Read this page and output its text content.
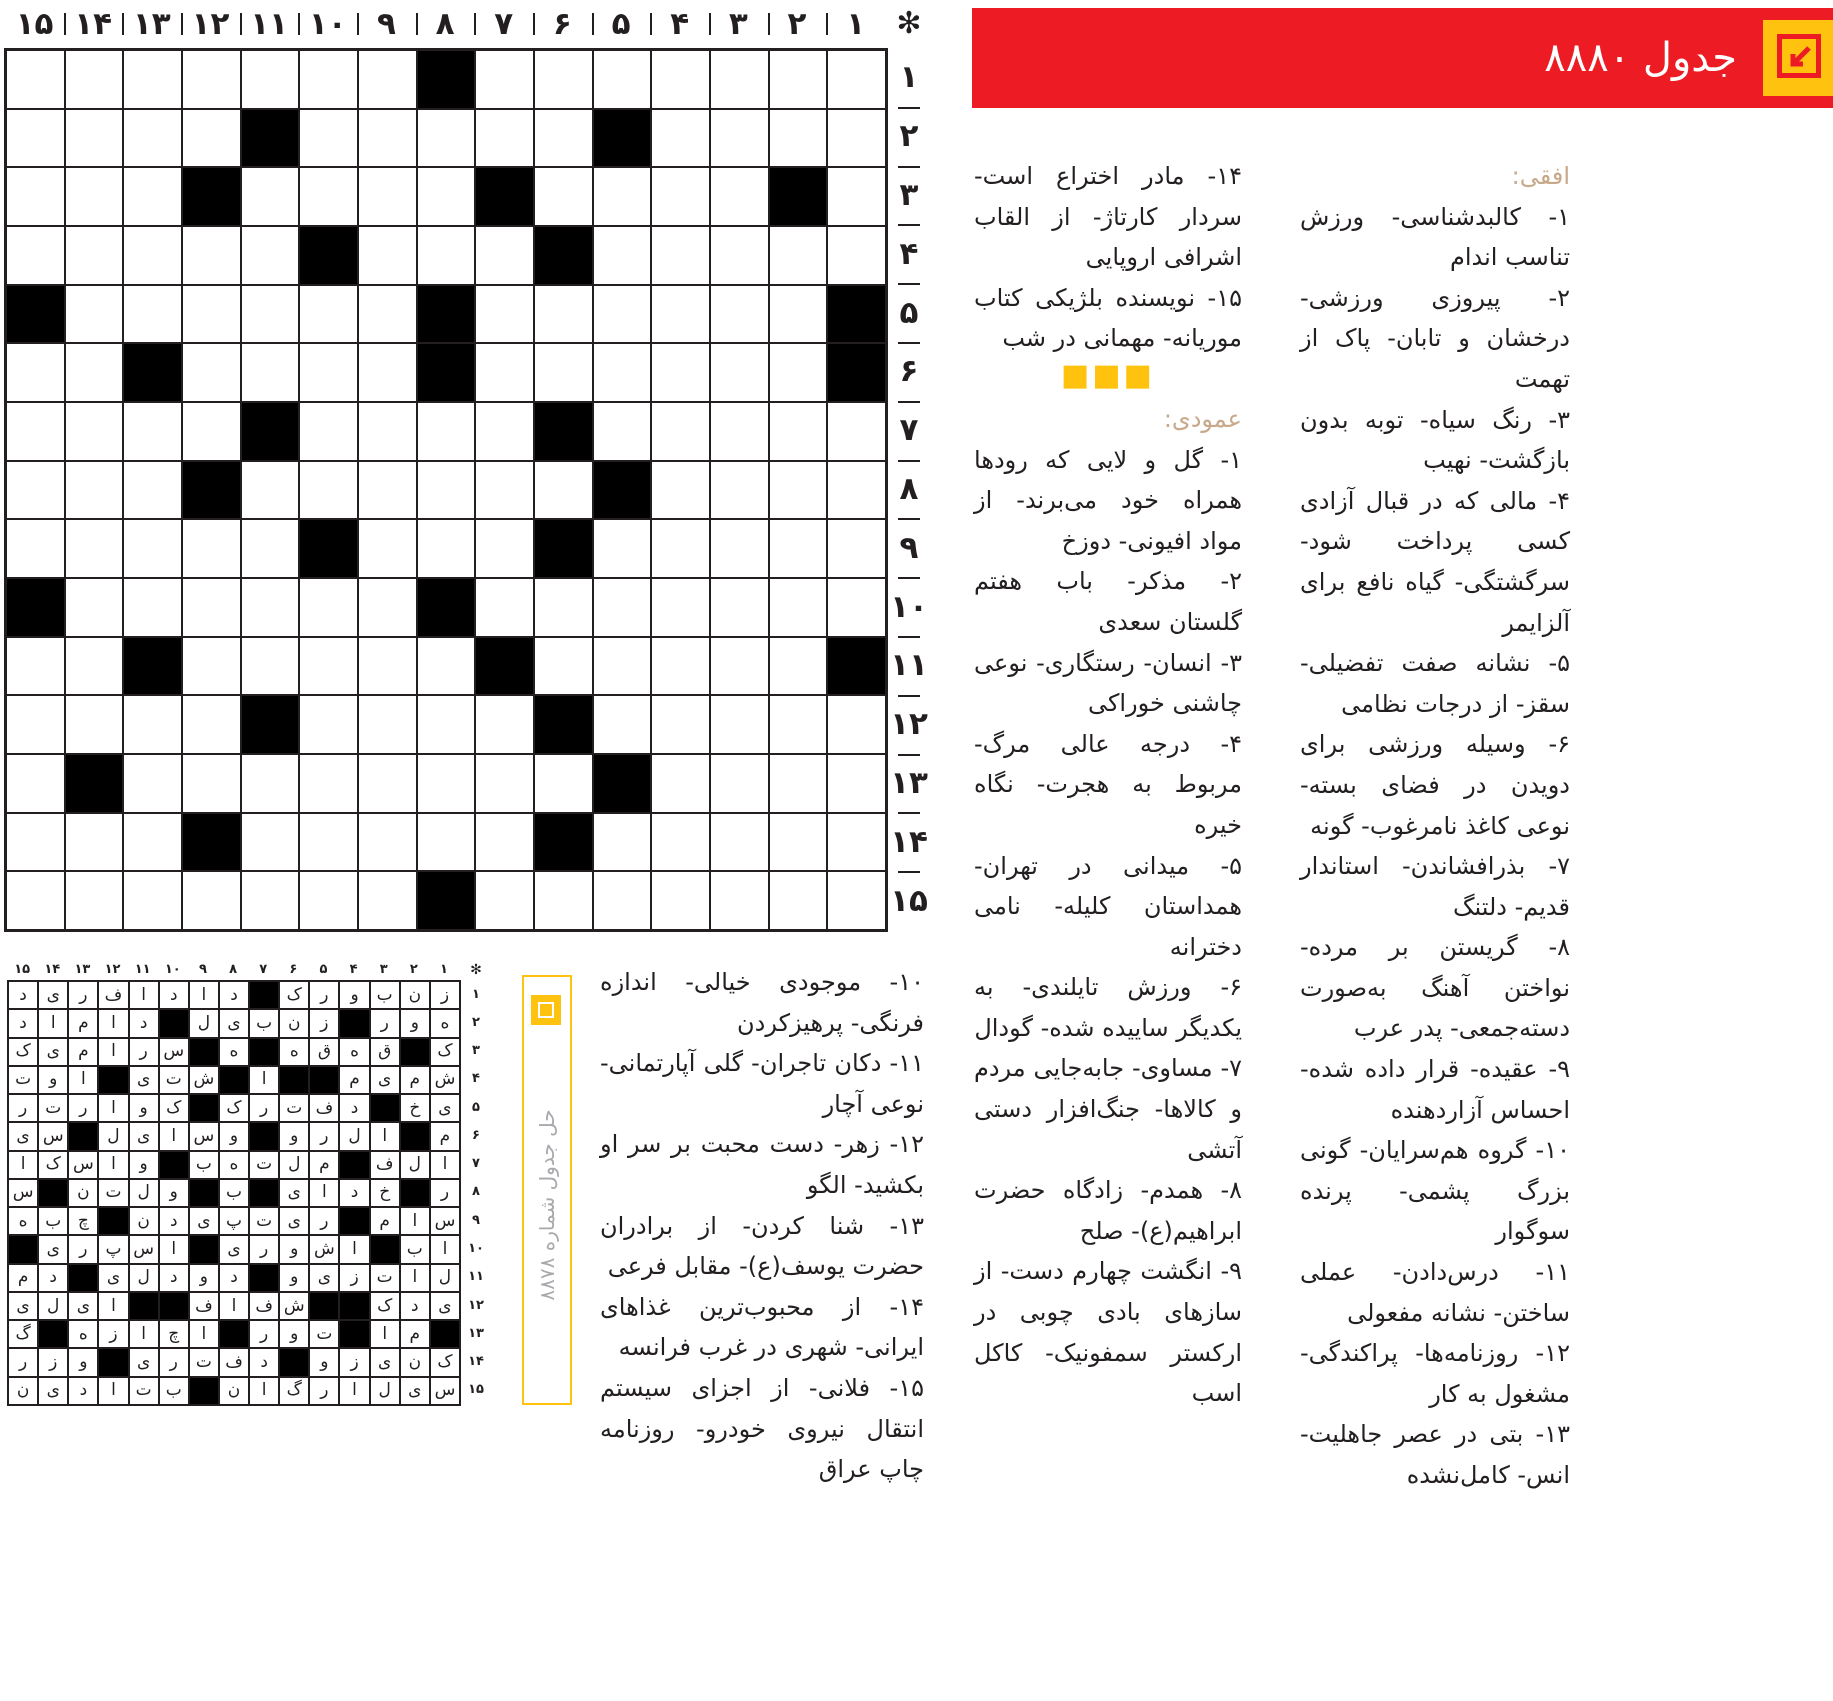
۱
۲
۳
۴
۵
۶
۷
۸
۹
۱۰
۱۱
۱۲
۱۳
۱۴
۱۵	✻
۱
۲
۳
۴
۵
۶
۷
۸
۹
۱۰
۱۱
۱۲
۱۳
۱۴
۱۵
جدول ۸۸۸۰

افقی:

۱- کالبدشناسی- ورزش تناسب اندام

۲- پیروزی ورزشی- درخشان و تابان- پاک از تهمت

۳- رنگ سیاه- توبه بدون بازگشت- نهیب

۴- مالی که در قبال آزادی کسی پرداخت شود- سرگشتگی- گیاه نافع برای آلزایمر

۵- نشانه صفت تفضیلی- سقز- از درجات نظامی

۶- وسیله ورزشی برای دویدن در فضای بسته- نوعی کاغذ نامرغوب- گونه

۷- بذرافشاندن- استاندار قدیم- دلتنگ

۸- گریستن بر مرده- نواختن آهنگ به‌صورت دسته‌جمعی- پدر عرب

۹- عقیده- قرار داده شده- احساس آزاردهنده

۱۰- گروه هم‌سرایان- گونی بزرگ پشمی- پرنده سوگوار

۱۱- درس‌دادن- عملی ساختن- نشانه مفعولی

۱۲- روزنامه‌ها- پراکندگی- مشغول به کار

۱۳- بتی در عصر جاهلیت- انس- کامل‌نشده

۱۴- مادر اختراع است- سردار کارتاژ- از القاب اشرافی اروپایی

۱۵- نویسنده بلژیکی کتاب موریانه- مهمانی در شب

■■■

عمودی:

۱- گل و لایی که رودها همراه خود می‌برند- از مواد افیونی- دوزخ

۲- مذکر- باب هفتم گلستان سعدی

۳- انسان- رستگاری- نوعی چاشنی خوراکی

۴- درجه عالی مرگ- مربوط به هجرت- نگاه خیره

۵- میدانی در تهران- همداستان کلیله- نامی دخترانه

۶- ورزش تایلندی- به یکدیگر ساییده شده- گودال

۷- مساوی- جابه‌جایی مردم و کالاها- جنگ‌افزار دستی آتشی

۸- همدم- زادگاه حضرت ابراهیم(ع)- صلح

۹- انگشت چهارم دست- از سازهای بادی چوبی در ارکستر سمفونیک- کاکل اسب

۱۰- موجودی خیالی- اندازه فرنگی- پرهیزکردن

۱۱- دکان تاجران- گلی آپارتمانی- نوعی آچار

۱۲- زهر- دست محبت بر سر او بکشید- الگو

۱۳- شنا کردن- از برادران حضرت یوسف(ع)- مقابل فرعی

۱۴- از محبوب‌ترین غذاهای ایرانی- شهری در غرب فرانسه

۱۵- فلانی- از اجزای سیستم انتقال نیروی خودرو- روزنامه چاپ عراق

حل جدول شماره ۸۸۷۸
۱
۲
۳
۴
۵
۶
۷
۸
۹
۱۰
۱۱
۱۲
۱۳
۱۴
۱۵	✻
ز
ن
ب
و
ر
ک
د
ا
د
ا
ف
ر
ی
د
ه
و
ر
ز
ن
ب
ی
ل
د
ا
م
ا
د
ک
ق
ه
ق
ه
ه
س
ر
ا
م
ی
ک
ش
م
ی
م
ا
ش
ت
ی
ا
و
ت
ی
خ
د
ف
ت
ر
ک
ک
و
ا
ر
ت
ر
م
ا
ل
ر
و
و
س
ا
ی
ل
س
ی
ا
ل
ف
م
ل
ت
ه
ب
و
ا
س
ک
ا
ر
خ
د
ا
ی
ب
و
ل
ت
ن
س
س
ا
م
ر
ی
ت
پ
ی
د
ن
چ
ب
ه
ا
ب
ا
ش
و
ر
ی
ا
س
پ
ر
ی
ل
ا
ت
ز
ی
و
د
و
د
ل
ی
د
م
ی
د
ک
ش
ف
ا
ف
ا
ی
ل
ی
م
ا
ت
و
ر
ا
چ
ا
ز
ه
گ
ک
ن
ی
ز
و
د
ف
ت
ر
ی
و
ز
ر
س
ی
ل
ا
ر
گ
ا
ن
ب
ت
ا
د
ی
ن
۱
۲
۳
۴
۵
۶
۷
۸
۹
۱۰
۱۱
۱۲
۱۳
۱۴
۱۵
